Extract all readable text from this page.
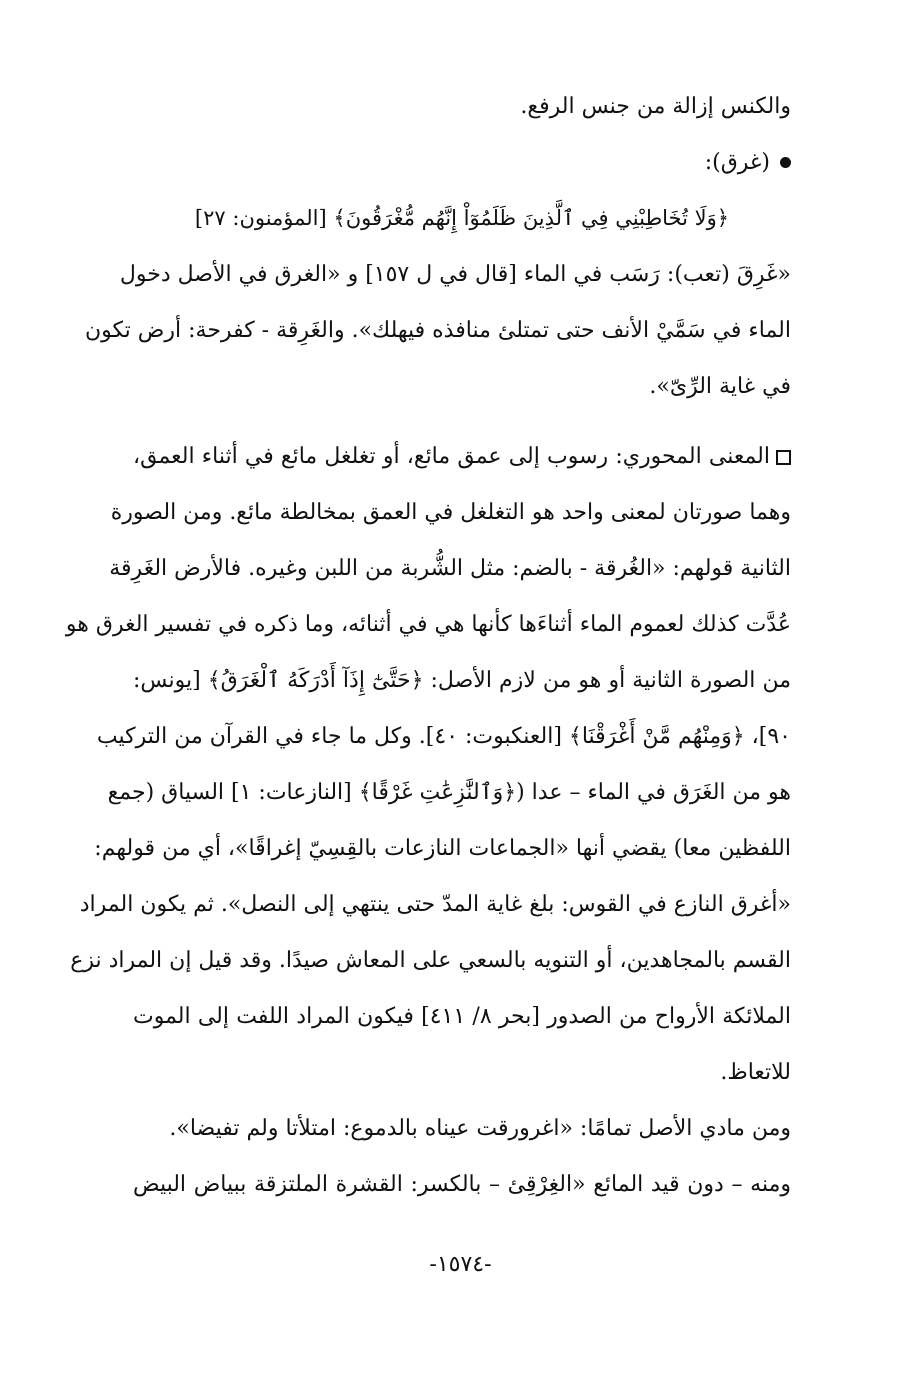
والكنس إزالة من جنس الرفع.
(غرق):
﴿وَلَا تُخَاطِبْنِي فِي ٱلَّذِينَ ظَلَمُوٓاْ إِنَّهُم مُّغْرَقُونَ﴾ [المؤمنون: ٢٧]
«غَرِقَ (تعب): رَسَب في الماء [قال في ل ١٥٧] و «الغرق في الأصل دخول
الماء في سَمَّيْ الأنف حتى تمتلئ منافذه فيهلك». والغَرِقة - كفرحة: أرض تكون
في غاية الرِّىّ».
المعنى المحوري: رسوب إلى عمق مائع، أو تغلغل مائع في أثناء العمق،
وهما صورتان لمعنى واحد هو التغلغل في العمق بمخالطة مائع. ومن الصورة
الثانية قولهم: «الغُرقة - بالضم: مثل الشُّربة من اللبن وغيره. فالأرض الغَرِقة
عُدَّت كذلك لعموم الماء أثناءَها كأنها هي في أثنائه، وما ذكره في تفسير الغرق هو
من الصورة الثانية أو هو من لازم الأصل: ﴿حَتَّىٰٓ إِذَآ أَدْرَكَهُ ٱلْغَرَقُ﴾ [يونس:
٩٠]، ﴿وَمِنْهُم مَّنْ أَغْرَقْنَا﴾ [العنكبوت: ٤٠]. وكل ما جاء في القرآن من التركيب
هو من الغَرَق في الماء – عدا (﴿وَٱلنَّٰزِعَٰتِ غَرْقًا﴾ [النازعات: ١] السياق (جمع
اللفظين معا) يقضي أنها «الجماعات النازعات بالقِسِيّ إغراقًا»، أي من قولهم:
«أغرق النازع في القوس: بلغ غاية المدّ حتى ينتهي إلى النصل». ثم يكون المراد
القسم بالمجاهدين، أو التنويه بالسعي على المعاش صيدًا. وقد قيل إن المراد نزع
الملائكة الأرواح من الصدور [بحر ٨/ ٤١١] فيكون المراد اللفت إلى الموت
للاتعاظ.
ومن مادي الأصل تمامًا: «اغرورقت عيناه بالدموع: امتلأتا ولم تفيضا».
ومنه – دون قيد المائع «الغِرْقِئ – بالكسر: القشرة الملتزقة ببياض البيض
-١٥٧٤-
